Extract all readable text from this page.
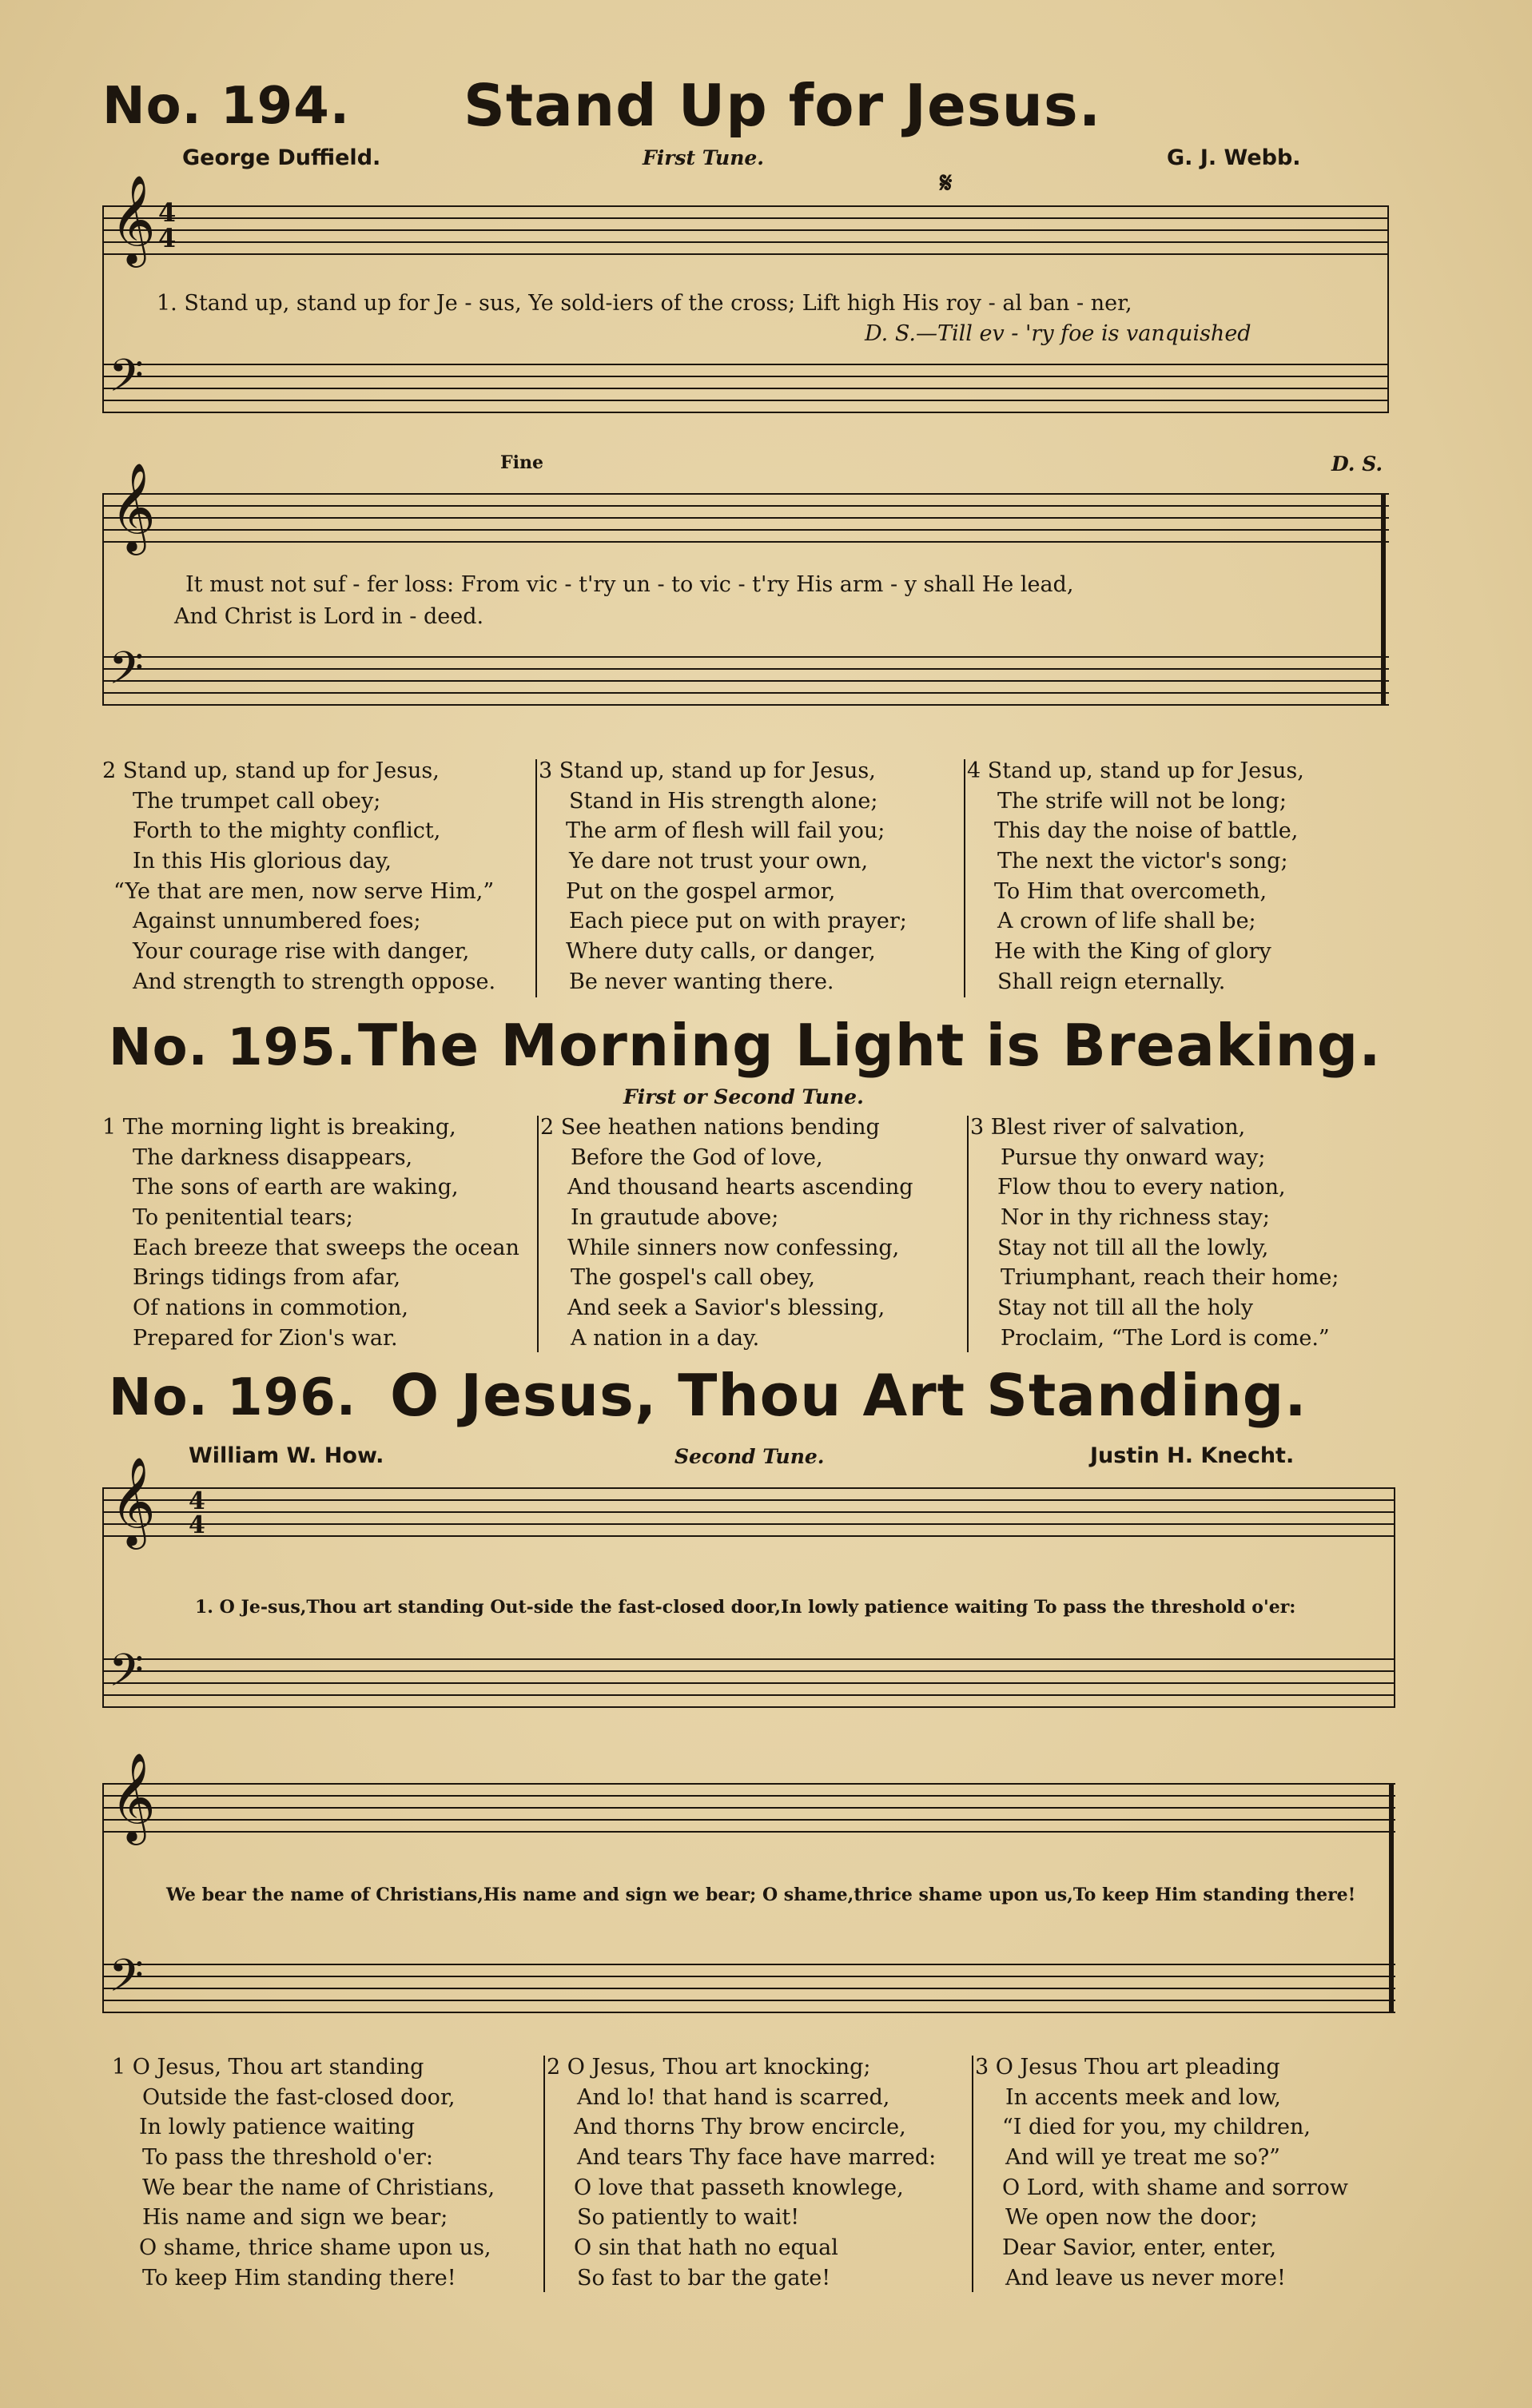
No. 194. Stand Up for Jesus.
George Duffield.	First Tune.	G. J. Webb.
𝄋
𝄞 4
4
1. Stand up, stand up for Je - sus, Ye sold-iers of the cross; Lift high His roy - al ban - ner,
D. S.—Till ev - 'ry foe is vanquished
𝄢
Fine	D. S.
𝄞
It must not suf - fer loss: From vic - t'ry un - to vic - t'ry His arm - y shall He lead,
And Christ is Lord in - deed.
𝄢
2 Stand up, stand up for Jesus,
The trumpet call obey;
Forth to the mighty conflict,
In this His glorious day,
“Ye that are men, now serve Him,”
Against unnumbered foes;
Your courage rise with danger,
And strength to strength oppose.
3 Stand up, stand up for Jesus,
Stand in His strength alone;
The arm of flesh will fail you;
Ye dare not trust your own,
Put on the gospel armor,
Each piece put on with prayer;
Where duty calls, or danger,
Be never wanting there.
4 Stand up, stand up for Jesus,
The strife will not be long;
This day the noise of battle,
The next the victor's song;
To Him that overcometh,
A crown of life shall be;
He with the King of glory
Shall reign eternally.
No. 195. The Morning Light is Breaking.
First or Second Tune.
1 The morning light is breaking,
The darkness disappears,
The sons of earth are waking,
To penitential tears;
Each breeze that sweeps the ocean
Brings tidings from afar,
Of nations in commotion,
Prepared for Zion's war.
2 See heathen nations bending
Before the God of love,
And thousand hearts ascending
In grautude above;
While sinners now confessing,
The gospel's call obey,
And seek a Savior's blessing,
A nation in a day.
3 Blest river of salvation,
Pursue thy onward way;
Flow thou to every nation,
Nor in thy richness stay;
Stay not till all the lowly,
Triumphant, reach their home;
Stay not till all the holy
Proclaim, “The Lord is come.”
No. 196. O Jesus, Thou Art Standing.
William W. How.	Second Tune.	Justin H. Knecht.
𝄞 4
4
1. O Je-sus,Thou art standing Out-side the fast-closed door,In lowly patience waiting To pass the threshold o'er:
𝄢
𝄞
We bear the name of Christians,His name and sign we bear; O shame,thrice shame upon us,To keep Him standing there!
𝄢
1 O Jesus, Thou art standing
Outside the fast-closed door,
In lowly patience waiting
To pass the threshold o'er:
We bear the name of Christians,
His name and sign we bear;
O shame, thrice shame upon us,
To keep Him standing there!
2 O Jesus, Thou art knocking;
And lo! that hand is scarred,
And thorns Thy brow encircle,
And tears Thy face have marred:
O love that passeth knowlege,
So patiently to wait!
O sin that hath no equal
So fast to bar the gate!
3 O Jesus Thou art pleading
In accents meek and low,
“I died for you, my children,
And will ye treat me so?”
O Lord, with shame and sorrow
We open now the door;
Dear Savior, enter, enter,
And leave us never more!
